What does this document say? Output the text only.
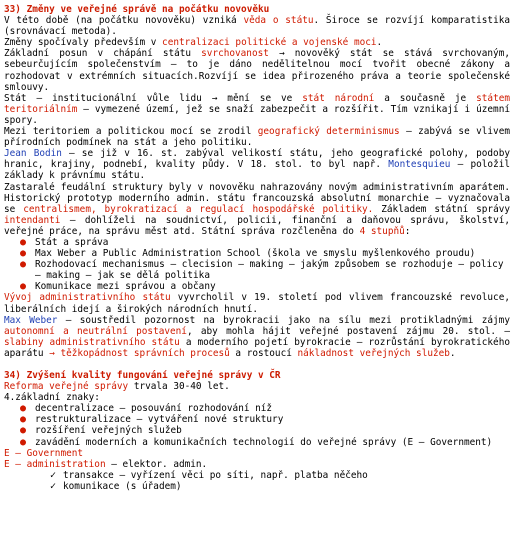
33) Změny ve veřejné správě na počátku novověku

V této době (na počátku novověku) vzniká věda o státu. Široce se rozvíjí komparatistika (srovnávací metoda).

Změny spočívaly především v centralizaci politické a vojenské moci.

Základní posun v chápání státu svrchovanost → novověký stát se stává svrchovaným, sebeurčujícím společenstvím – to je dáno nedělitelnou mocí tvořit obecné zákony a rozhodovat v extrémních situacích.Rozvíjí se idea přirozeného práva a teorie společenské smlouvy.

Stát – institucionální vůle lidu → mění se ve stát národní a současně je státem teritoriálním – vymezené území, jež se snaží zabezpečit a rozšířit. Tím vznikají i územní spory.

Mezi teritoriem a politickou mocí se zrodil geografický determinismus – zabývá se vlivem přírodních podmínek na stát a jeho politiku.

Jean Bodin – se již v 16. st. zabýval velikostí státu, jeho geografické polohy, podoby hranic, krajiny, podnebí, kvality půdy. V 18. stol. to byl např. Montesquieu – položil základy k právnímu státu.

Zastaralé feudální struktury byly v novověku nahrazovány novým administrativním aparátem. Historický prototyp moderního admin. státu francouzská absolutní monarchie – vyznačovala se centralismem, byrokratizací a regulací hospodářské politiky. Základem státní správy intendanti – dohlíželi na soudnictví, policii, finanční a daňovou správu, školství, veřejné práce, na správu měst atd. Státní správa rozčleněna do 4 stupňů:

● Stát a správa
● Max Weber a Public Administration School (škola ve smyslu myšlenkového proudu)
● Rozhodovací mechanismus – clecision – making – jakým způsobem se rozhoduje – policy – making – jak se dělá politika
● Komunikace mezi správou a občany

Vývoj administrativního státu vyvrcholil v 19. století pod vlivem francouzské revoluce, liberálních idejí a širokých národních hnutí.

Max Weber – soustředil pozornost na byrokracii jako na sílu mezi protikladnými zájmy autonomní a neutrální postavení, aby mohla hájit veřejné postavení zájmu 20. stol. – slabiny administrativního státu a moderního pojetí byrokracie – rozrůstání byrokratického aparátu → těžkopádnost správních procesů a rostoucí nákladnost veřejných služeb.

34) Zvýšení kvality fungování veřejné správy v ČR

Reforma veřejné správy trvala 30-40 let.

4.základní znaky:

● decentralizace – posouvání rozhodování níž
● restrukturalizace – vytváření nové struktury
● rozšíření veřejných služeb
● zavádění moderních a komunikačních technologií do veřejné správy (E – Government)

E – Government

E – administration – elektor. admin.

✓ transakce – vyřízení věci po síti, např. platba něčeho
✓ komunikace (s úřadem)
